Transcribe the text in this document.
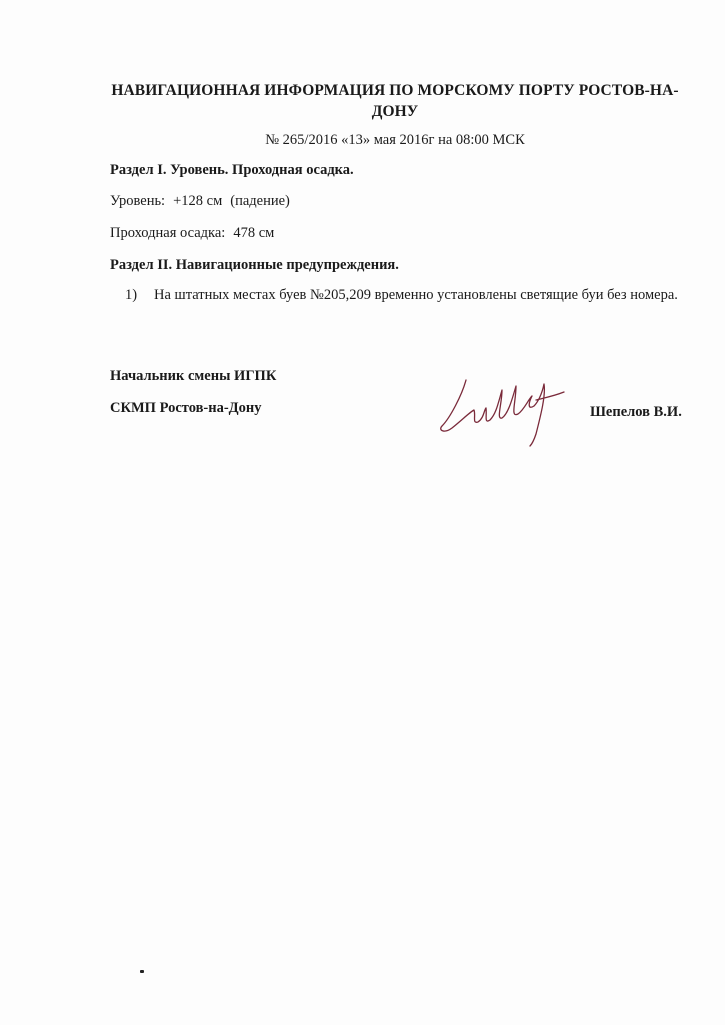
НАВИГАЦИОННАЯ ИНФОРМАЦИЯ ПО МОРСКОМУ ПОРТУ РОСТОВ-НА-ДОНУ
№ 265/2016 «13» мая 2016г на 08:00 МСК
Раздел I. Уровень. Проходная осадка.
Уровень: +128 см (падение)
Проходная осадка: 478 см
Раздел II. Навигационные предупреждения.
1) На штатных местах буев №205,209 временно установлены светящие буи без номера.
Начальник смены ИГПК
СКМП Ростов-на-Дону	Шепелов В.И.
